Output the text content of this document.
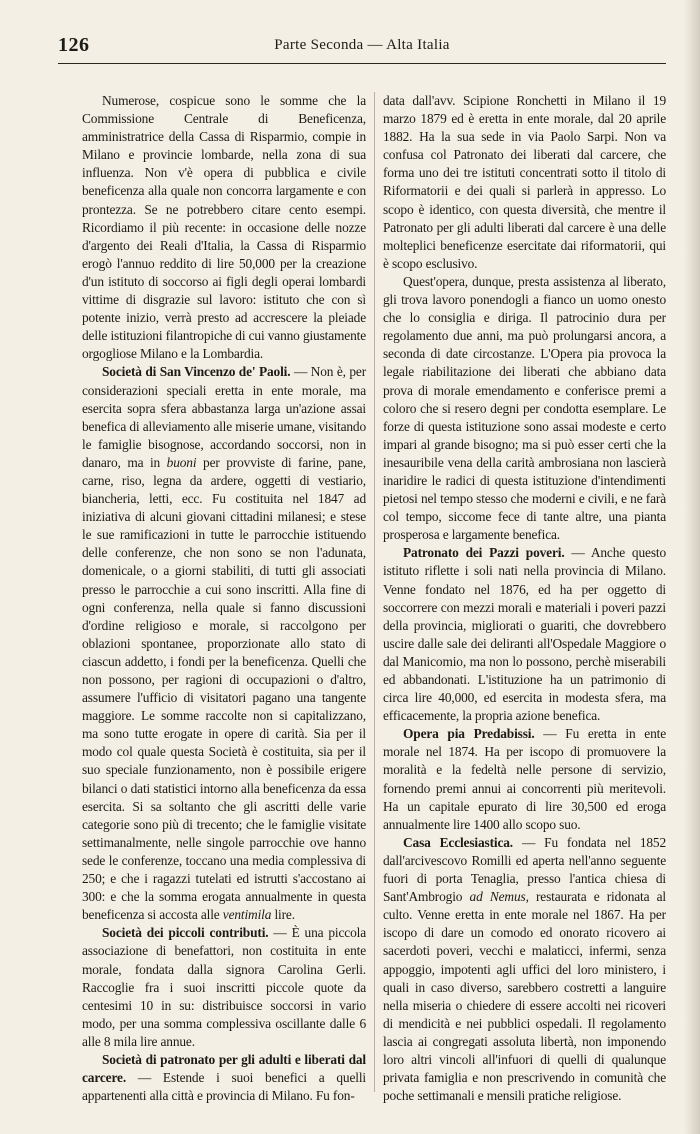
126	Parte Seconda — Alta Italia

Numerose, cospicue sono le somme che la Commissione Centrale di Beneficenza, amministratrice della Cassa di Risparmio, compie in Milano e provincie lombarde, nella zona di sua influenza. Non v'è opera di pubblica e civile beneficenza alla quale non concorra largamente e con prontezza. Se ne potrebbero citare cento esempi. Ricordiamo il più recente: in occasione delle nozze d'argento dei Reali d'Italia, la Cassa di Risparmio erogò l'annuo reddito di lire 50,000 per la creazione d'un istituto di soccorso ai figli degli operai lombardi vittime di disgrazie sul lavoro: istituto che con sì potente inizio, verrà presto ad accrescere la pleiade delle istituzioni filantropiche di cui vanno giustamente orgogliose Milano e la Lombardia.

Società di San Vincenzo de' Paoli. — Non è, per considerazioni speciali eretta in ente morale, ma esercita sopra sfera abbastanza larga un'azione assai benefica di alleviamento alle miserie umane, visitando le famiglie bisognose, accordando soccorsi, non in danaro, ma in buoni per provviste di farine, pane, carne, riso, legna da ardere, oggetti di vestiario, biancheria, letti, ecc. Fu costituita nel 1847 ad iniziativa di alcuni giovani cittadini milanesi; e stese le sue ramificazioni in tutte le parrocchie istituendo delle conferenze, che non sono se non l'adunata, domenicale, o a giorni stabiliti, di tutti gli associati presso le parrocchie a cui sono inscritti. Alla fine di ogni conferenza, nella quale si fanno discussioni d'ordine religioso e morale, si raccolgono per oblazioni spontanee, proporzionate allo stato di ciascun addetto, i fondi per la beneficenza. Quelli che non possono, per ragioni di occupazioni o d'altro, assumere l'ufficio di visitatori pagano una tangente maggiore. Le somme raccolte non si capitalizzano, ma sono tutte erogate in opere di carità. Sia per il modo col quale questa Società è costituita, sia per il suo speciale funzionamento, non è possibile erigere bilanci o dati statistici intorno alla beneficenza da essa esercita. Si sa soltanto che gli ascritti delle varie categorie sono più di trecento; che le famiglie visitate settimanalmente, nelle singole parrocchie ove hanno sede le conferenze, toccano una media complessiva di 250; e che i ragazzi tutelati ed istrutti s'accostano ai 300: e che la somma erogata annualmente in questa beneficenza si accosta alle ventimila lire.

Società dei piccoli contributi. — È una piccola associazione di benefattori, non costituita in ente morale, fondata dalla signora Carolina Gerli. Raccoglie fra i suoi inscritti piccole quote da centesimi 10 in su: distribuisce soccorsi in vario modo, per una somma complessiva oscillante dalle 6 alle 8 mila lire annue.

Società di patronato per gli adulti e liberati dal carcere. — Estende i suoi benefici a quelli appartenenti alla città e provincia di Milano. Fu fon-

data dall'avv. Scipione Ronchetti in Milano il 19 marzo 1879 ed è eretta in ente morale, dal 20 aprile 1882. Ha la sua sede in via Paolo Sarpi. Non va confusa col Patronato dei liberati dal carcere, che forma uno dei tre istituti concentrati sotto il titolo di Riformatorii e dei quali si parlerà in appresso. Lo scopo è identico, con questa diversità, che mentre il Patronato per gli adulti liberati dal carcere è una delle molteplici beneficenze esercitate dai riformatorii, qui è scopo esclusivo.

Quest'opera, dunque, presta assistenza al liberato, gli trova lavoro ponendogli a fianco un uomo onesto che lo consiglia e diriga. Il patrocinio dura per regolamento due anni, ma può prolungarsi ancora, a seconda di date circostanze. L'Opera pia provoca la legale riabilitazione dei liberati che abbiano data prova di morale emendamento e conferisce premi a coloro che si resero degni per condotta esemplare. Le forze di questa istituzione sono assai modeste e certo impari al grande bisogno; ma si può esser certi che la inesauribile vena della carità ambrosiana non lascierà inaridire le radici di questa istituzione d'intendimenti pietosi nel tempo stesso che moderni e civili, e ne farà col tempo, siccome fece di tante altre, una pianta prosperosa e largamente benefica.

Patronato dei Pazzi poveri. — Anche questo istituto riflette i soli nati nella provincia di Milano. Venne fondato nel 1876, ed ha per oggetto di soccorrere con mezzi morali e materiali i poveri pazzi della provincia, migliorati o guariti, che dovrebbero uscire dalle sale dei deliranti all'Ospedale Maggiore o dal Manicomio, ma non lo possono, perchè miserabili ed abbandonati. L'istituzione ha un patrimonio di circa lire 40,000, ed esercita in modesta sfera, ma efficacemente, la propria azione benefica.

Opera pia Predabissi. — Fu eretta in ente morale nel 1874. Ha per iscopo di promuovere la moralità e la fedeltà nelle persone di servizio, fornendo premi annui ai concorrenti più meritevoli. Ha un capitale epurato di lire 30,500 ed eroga annualmente lire 1400 allo scopo suo.

Casa Ecclesiastica. — Fu fondata nel 1852 dall'arcivescovo Romilli ed aperta nell'anno seguente fuori di porta Tenaglia, presso l'antica chiesa di Sant'Ambrogio ad Nemus, restaurata e ridonata al culto. Venne eretta in ente morale nel 1867. Ha per iscopo di dare un comodo ed onorato ricovero ai sacerdoti poveri, vecchi e malaticci, infermi, senza appoggio, impotenti agli uffici del loro ministero, i quali in caso diverso, sarebbero costretti a languire nella miseria o chiedere di essere accolti nei ricoveri di mendicità e nei pubblici ospedali. Il regolamento lascia ai congregati assoluta libertà, non imponendo loro altri vincoli all'infuori di quelli di qualunque privata famiglia e non prescrivendo in comunità che poche settimanali e mensili pratiche religiose.
